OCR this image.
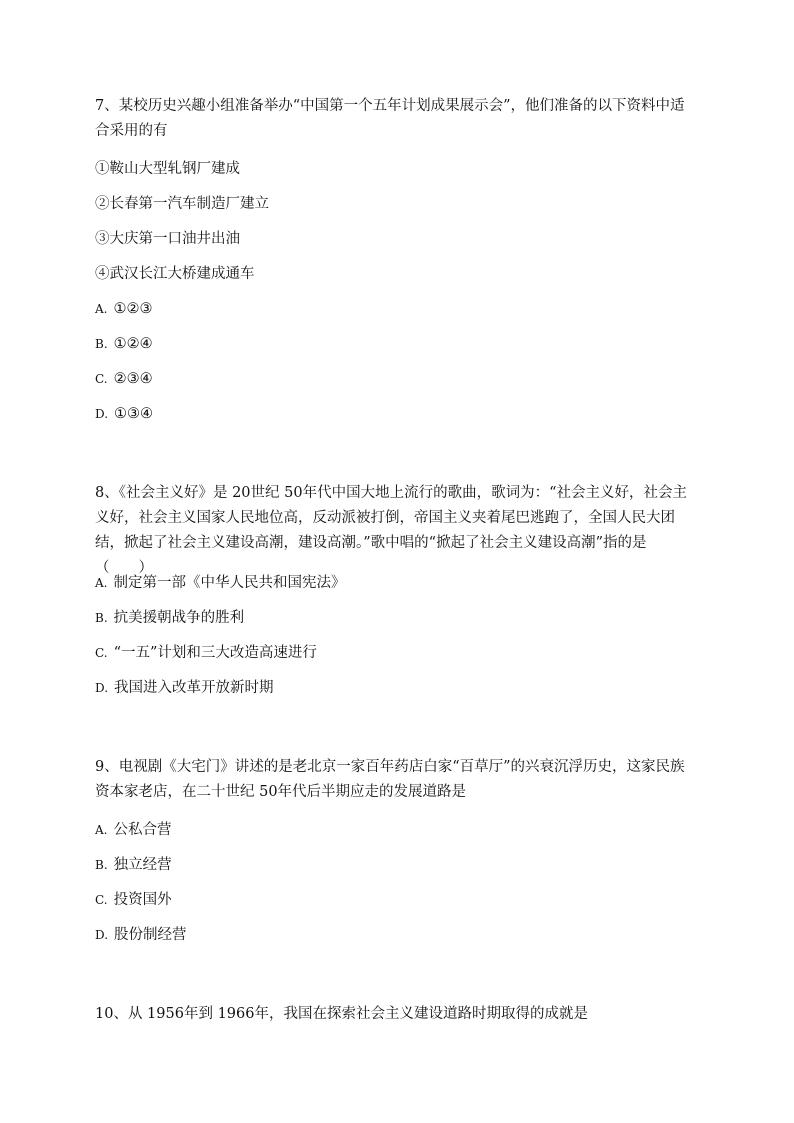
7、某校历史兴趣小组准备举办“中国第一个五年计划成果展示会”，他们准备的以下资料中适合采用的有

①鞍山大型轧钢厂建成
②长春第一汽车制造厂建立
③大庆第一口油井出油
④武汉长江大桥建成通车
A. ①②③
B. ①②④
C. ②③④
D. ①③④

8、《社会主义好》是 20世纪 50年代中国大地上流行的歌曲，歌词为：“社会主义好，社会主义好，社会主义国家人民地位高，反动派被打倒，帝国主义夹着尾巴逃跑了，全国人民大团结，掀起了社会主义建设高潮，建设高潮。”歌中唱的“掀起了社会主义建设高潮”指的是（　　）

A. 制定第一部《中华人民共和国宪法》
B. 抗美援朝战争的胜利
C. “一五”计划和三大改造高速进行
D. 我国进入改革开放新时期

9、电视剧《大宅门》讲述的是老北京一家百年药店白家“百草厅”的兴衰沉浮历史，这家民族资本家老店，在二十世纪 50年代后半期应走的发展道路是

A. 公私合营
B. 独立经营
C. 投资国外
D. 股份制经营

10、从 1956年到 1966年，我国在探索社会主义建设道路时期取得的成就是
